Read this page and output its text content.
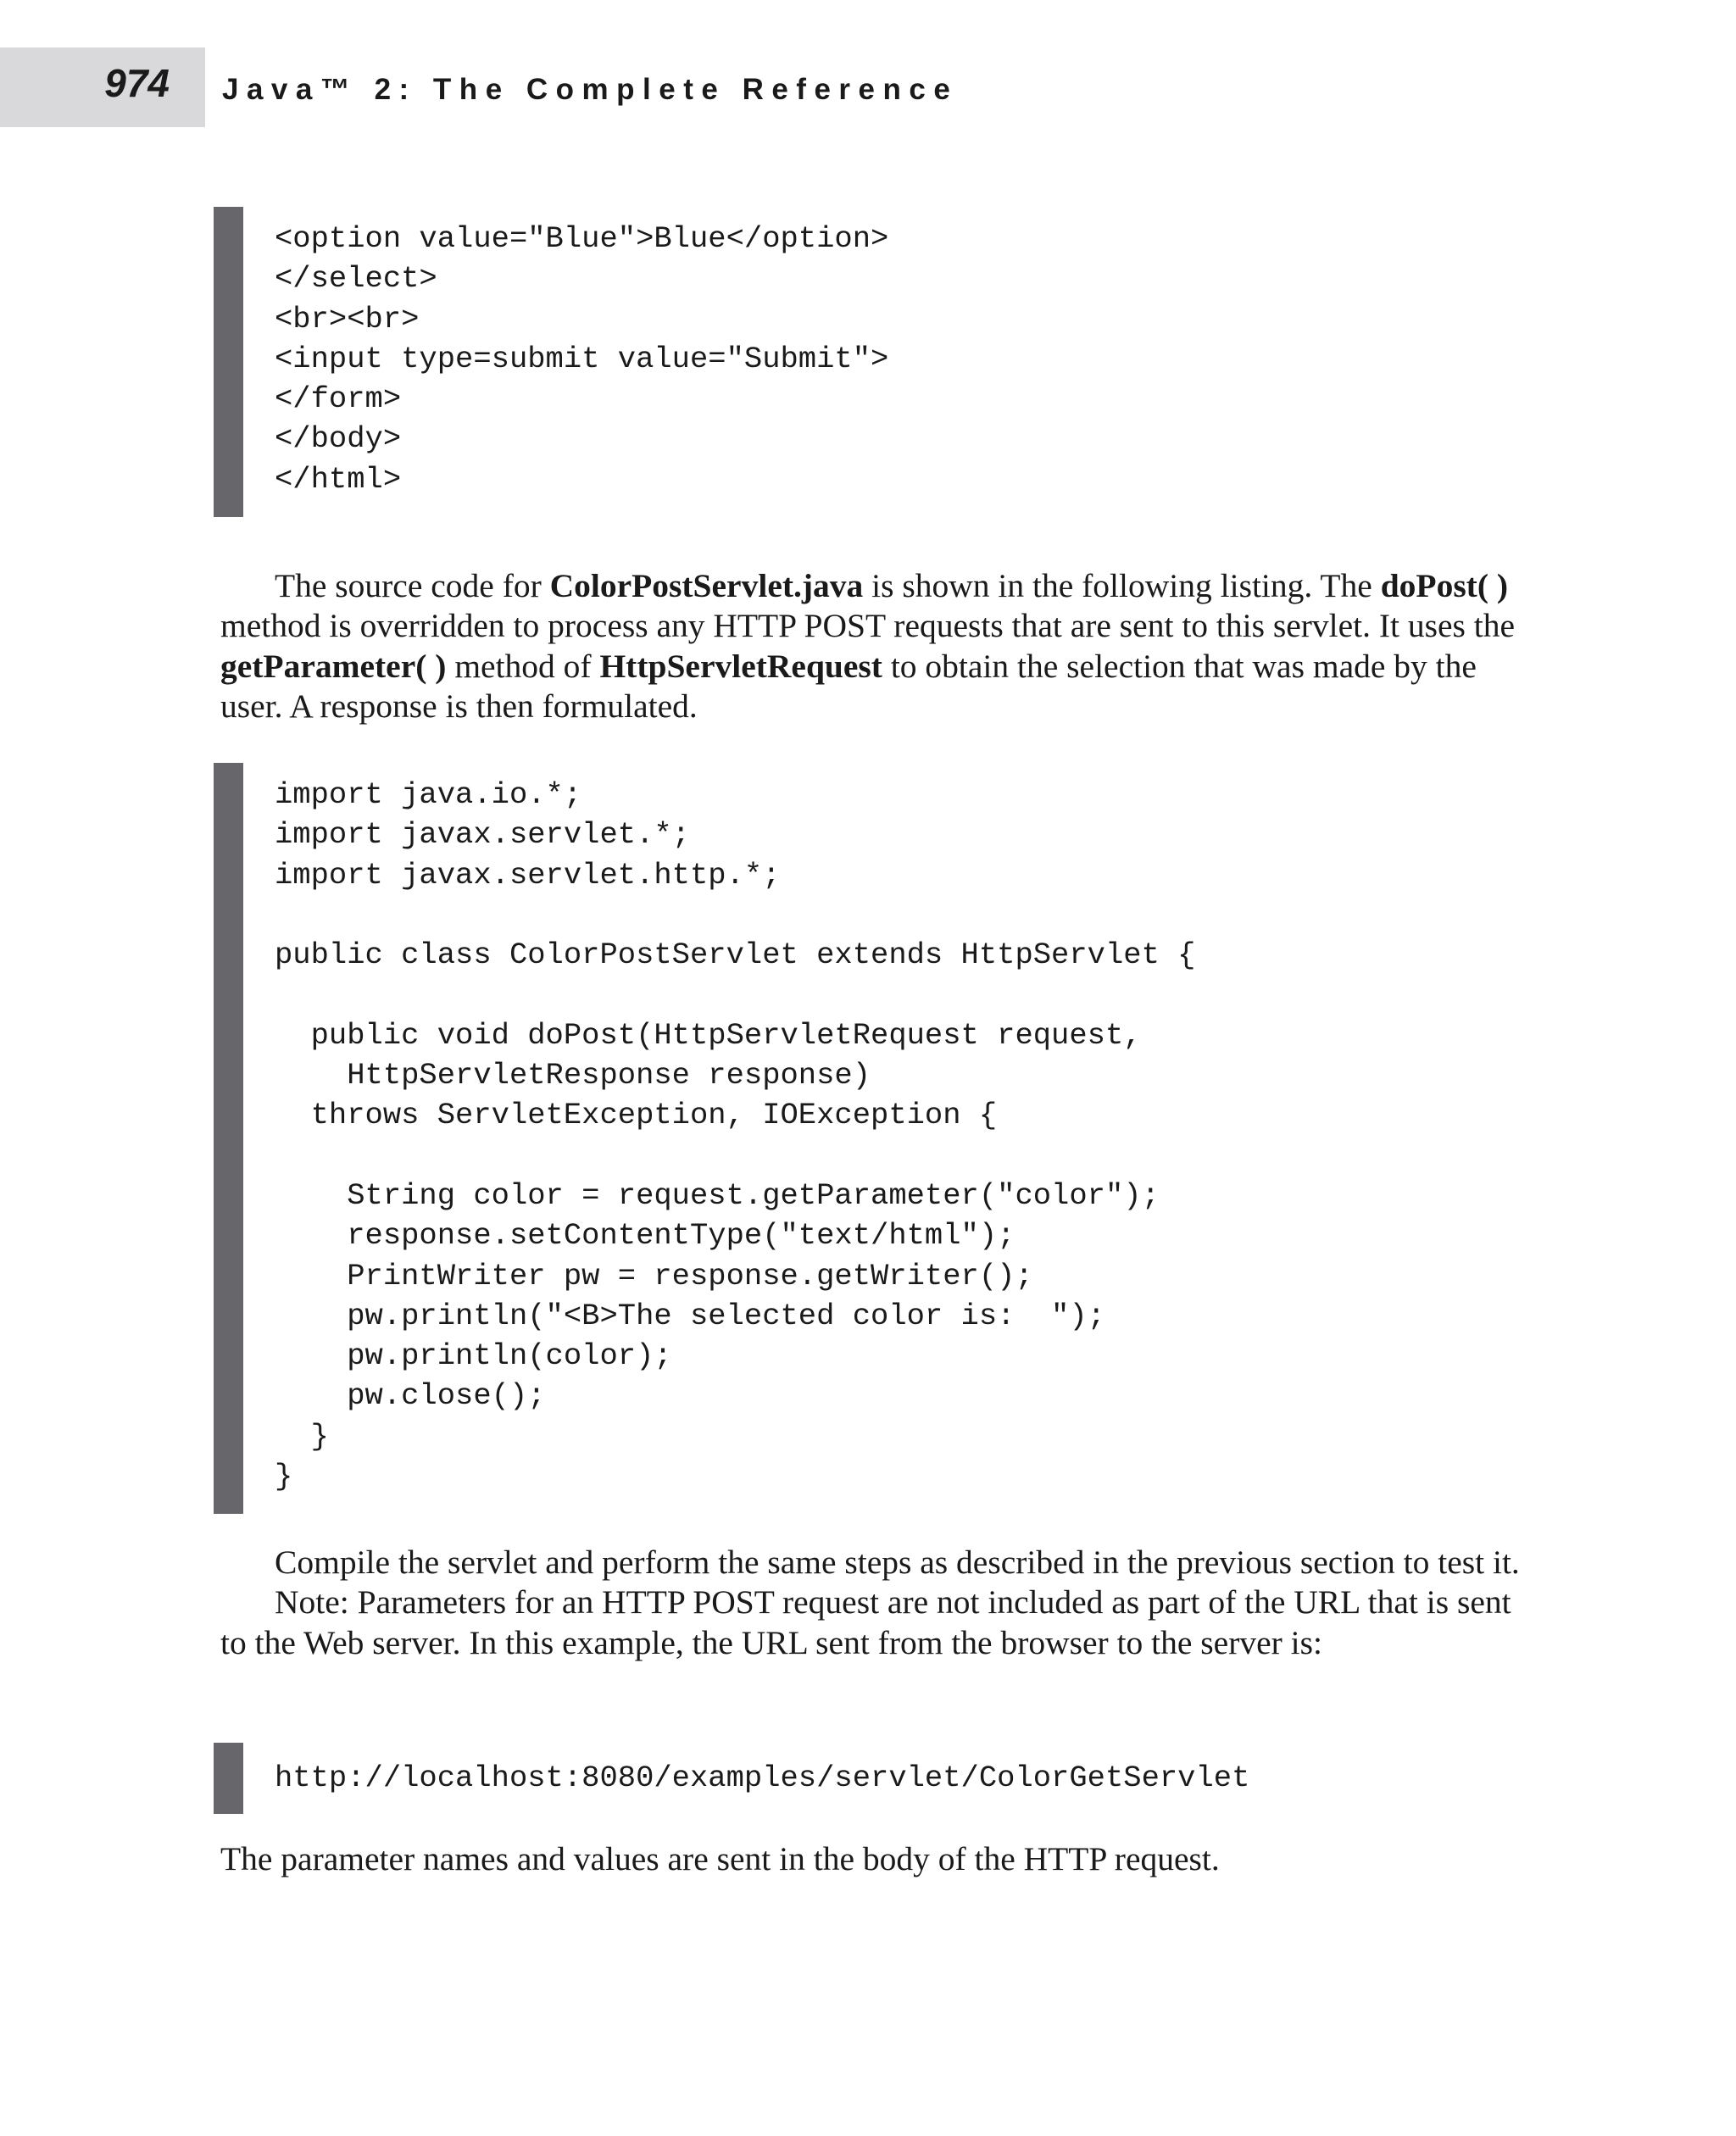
974 Java™ 2: The Complete Reference
<option value="Blue">Blue</option>
</select>
<br><br>
<input type=submit value="Submit">
</form>
</body>
</html>

The source code for ColorPostServlet.java is shown in the following listing. The doPost( ) method is overridden to process any HTTP POST requests that are sent to this servlet. It uses the getParameter( ) method of HttpServletRequest to obtain the selection that was made by the user. A response is then formulated.

import java.io.*;
import javax.servlet.*;
import javax.servlet.http.*;
public class ColorPostServlet extends HttpServlet {
public void doPost(HttpServletRequest request,
HttpServletResponse response)
throws ServletException, IOException {
String color = request.getParameter("color");
response.setContentType("text/html");
PrintWriter pw = response.getWriter();
pw.println("<B>The selected color is:  ");
pw.println(color);
pw.close();
}
}

Compile the servlet and perform the same steps as described in the previous section to test it.

Note: Parameters for an HTTP POST request are not included as part of the URL that is sent to the Web server. In this example, the URL sent from the browser to the server is:

http://localhost:8080/examples/servlet/ColorGetServlet

The parameter names and values are sent in the body of the HTTP request.
